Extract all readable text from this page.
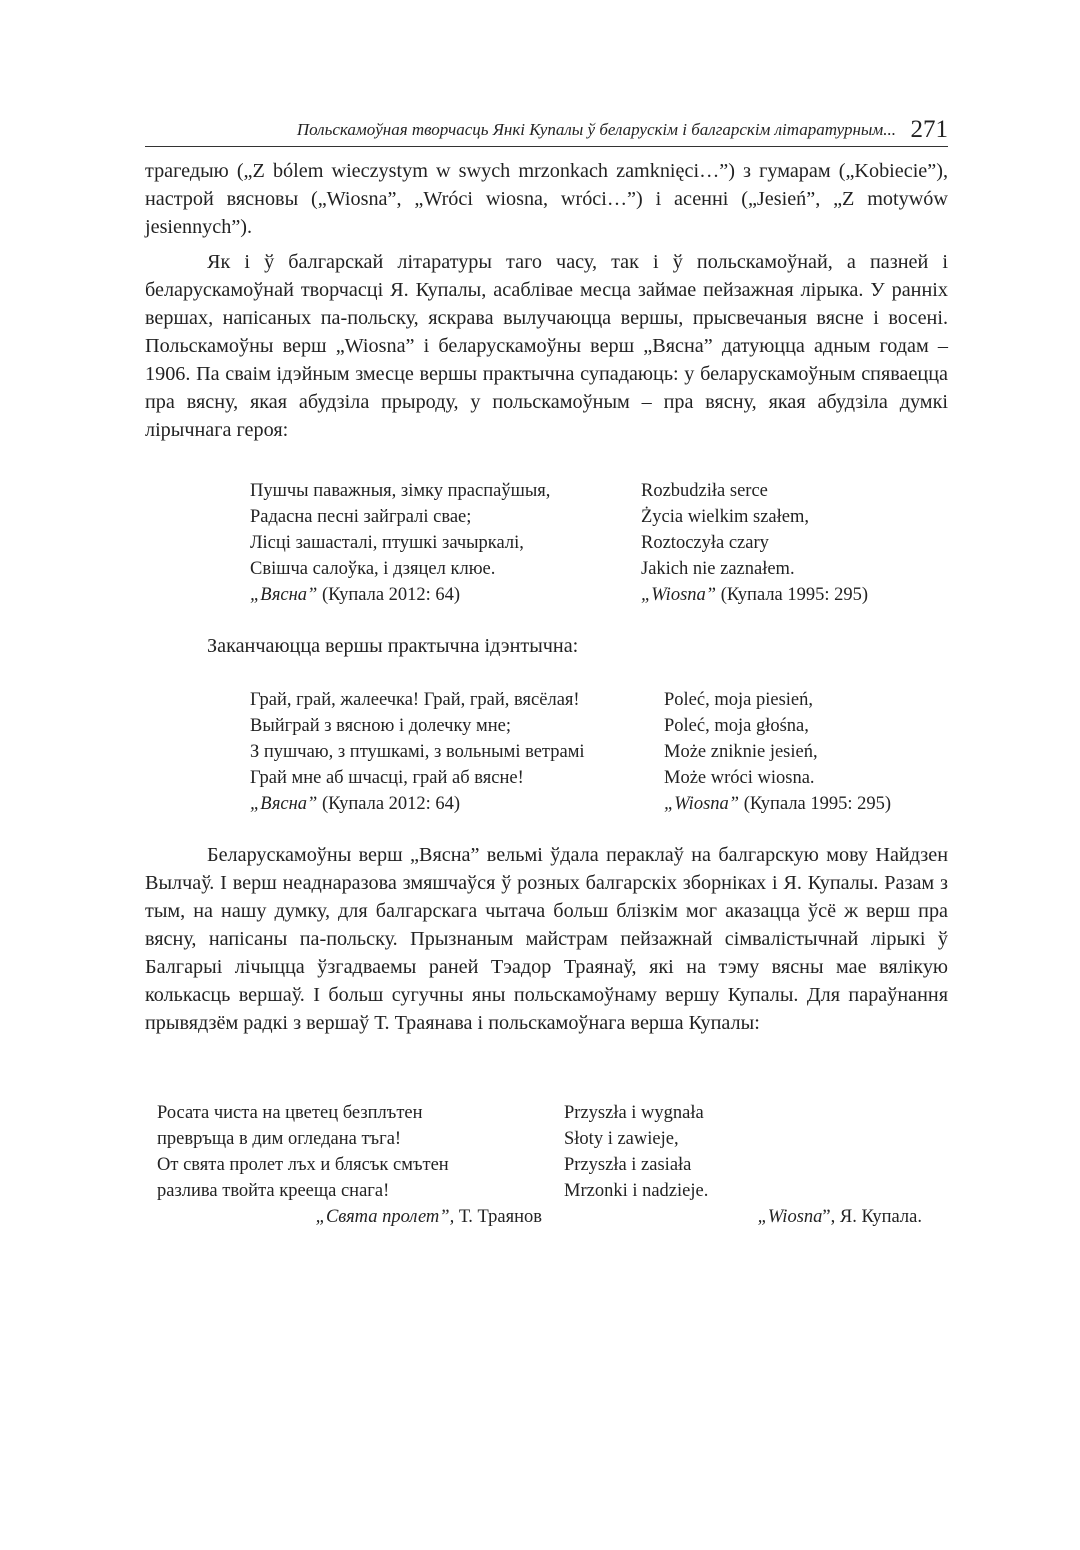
Польскамоўная творчасць Янкі Купалы ў беларускім і балгарскім літаратурным... 271

трагедыю („Z bólem wieczystym w swych mrzonkach zamknięci…”) з гумарам („Kobiecie”), настрой вясновы („Wiosna”, „Wróci wiosna, wróci…”) і асенні („Jesień”, „Z motywów jesiennych”).

Як і ў балгарскай літаратуры таго часу, так і ў польскамоўнай, а пазней і беларускамоўнай творчасці Я. Купалы, асаблівае месца займае пейзажная лірыка. У ранніх вершах, напісаных па-польску, яскрава вылучаюцца вершы, прысвечаныя вясне і восені. Польскамоўны верш „Wiosna” і беларускамоўны верш „Вясна” датуюцца адным годам – 1906. Па сваім ідэйным змесце вершы практычна супадаюць: у беларускамоўным спяваецца пра вясну, якая абудзіла прыроду, у польскамоўным – пра вясну, якая абудзіла думкі лірычнага героя:

Пушчы паважныя, зімку праспаўшыя,
Радасна песні зайгралі свае;
Лісці зашасталі, птушкі зачыркалі,
Свішча салоўка, і дзяцел клюе.
„Вясна” (Купала 2012: 64)
Rozbudziła serce
Życia wielkim szałem,
Roztoczyła czary
Jakich nie zaznałem.
„Wiosna” (Купала 1995: 295)

Заканчаюцца вершы практычна ідэнтычна:

Грай, грай, жалеечка! Грай, грай, вясёлая!
Выйграй з вясною і долечку мне;
З пушчаю, з птушкамі, з вольнымі ветрамі
Грай мне аб шчасці, грай аб вясне!
„Вясна” (Купала 2012: 64)
Poleć, moja piesień,
Poleć, moja głośna,
Może zniknie jesień,
Może wróci wiosna.
„Wiosna” (Купала 1995: 295)

Беларускамоўны верш „Вясна” вельмі ўдала пераклаў на балгарскую мову Найдзен Вылчаў. І верш неаднаразова змяшчаўся ў розных балгарскіх зборніках і Я. Купалы. Разам з тым, на нашу думку, для балгарскага чытача больш блізкім мог аказацца ўсё ж верш пра вясну, напісаны па-польску. Прызнаным майстрам пейзажнай сімвалістычнай лірыкі ў Балгарыі лічыцца ўзгадваемы раней Тэадор Траянаў, які на тэму вясны мае вялікую колькасць вершаў. І больш сугучны яны польскамоўнаму вершу Купалы. Для параўнання прывядзём радкі з вершаў Т. Траянава і польскамоўнага верша Купалы:

Росата чиста на цветец безплътен
превръща в дим огледана тъга!
От свята пролет лъх и блясък смътен
разлива твойта креещa снага!
„Свята пролет”, Т. Траянов
Przyszła i wygnała
Słoty i zawieje,
Przyszła i zasiała
Mrzonki i nadzieje.
„Wiosna”, Я. Купала.
